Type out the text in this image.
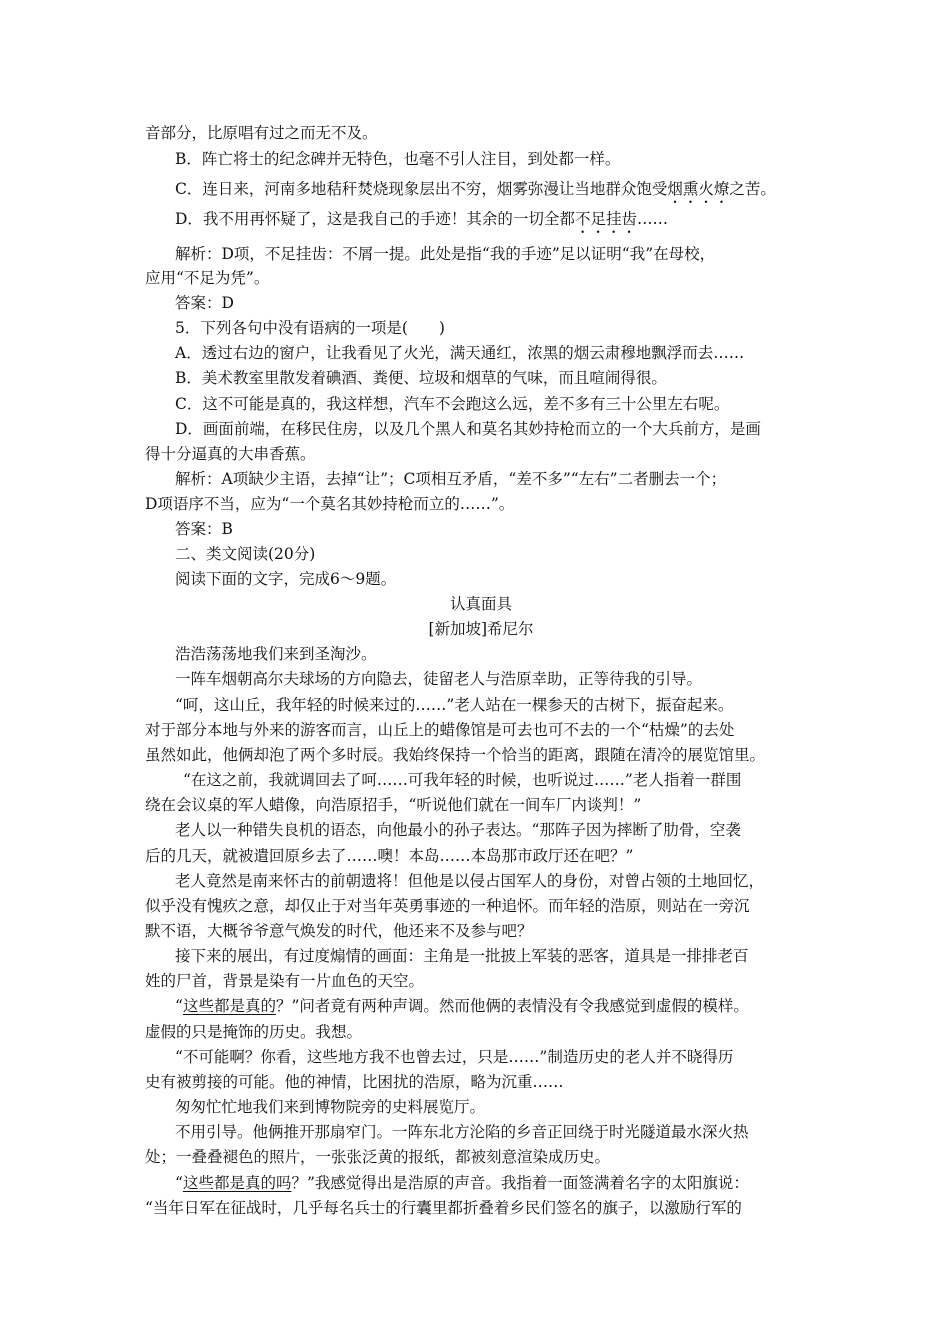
音部分，比原唱有过之而无不及。
B．阵亡将士的纪念碑并无特色，也毫不引人注目，到处都一样。
C．连日来，河南多地秸秆焚烧现象层出不穷，烟雾弥漫让当地群众饱受烟熏火燎之苦。
D．我不用再怀疑了，这是我自己的手迹！其余的一切全都不足挂齿……
解析：D项，不足挂齿：不屑一提。此处是指“我的手迹”足以证明“我”在母校，
应用“不足为凭”。
答案：D
5．下列各句中没有语病的一项是(　　)
A．透过右边的窗户，让我看见了火光，满天通红，浓黑的烟云肃穆地飘浮而去……
B．美术教室里散发着碘酒、粪便、垃圾和烟草的气味，而且喧闹得很。
C．这不可能是真的，我这样想，汽车不会跑这么远，差不多有三十公里左右呢。
D．画面前端，在移民住房，以及几个黑人和莫名其妙持枪而立的一个大兵前方，是画
得十分逼真的大串香蕉。
解析：A项缺少主语，去掉“让”；C项相互矛盾，“差不多”“左右”二者删去一个；
D项语序不当，应为“一个莫名其妙持枪而立的……”。
答案：B
二、类文阅读(20分)
阅读下面的文字，完成6～9题。
认真面具
[新加坡]希尼尔
浩浩荡荡地我们来到圣淘沙。
一阵车烟朝高尔夫球场的方向隐去，徒留老人与浩原幸助，正等待我的引导。
“呵，这山丘，我年轻的时候来过的……”老人站在一棵参天的古树下，振奋起来。
对于部分本地与外来的游客而言，山丘上的蜡像馆是可去也可不去的一个“枯燥”的去处
虽然如此，他俩却泡了两个多时辰。我始终保持一个恰当的距离，跟随在清冷的展览馆里。
“在这之前，我就调回去了呵……可我年轻的时候，也听说过……”老人指着一群围
绕在会议桌的军人蜡像，向浩原招手，“听说他们就在一间车厂内谈判！”
老人以一种错失良机的语态，向他最小的孙子表达。“那阵子因为摔断了肋骨，空袭
后的几天，就被遣回原乡去了……噢！本岛……本岛那市政厅还在吧？”
老人竟然是南来怀古的前朝遗将！但他是以侵占国军人的身份，对曾占领的土地回忆，
似乎没有愧疚之意，却仅止于对当年英勇事迹的一种追怀。而年轻的浩原，则站在一旁沉
默不语，大概爷爷意气焕发的时代，他还来不及参与吧？
接下来的展出，有过度煽情的画面：主角是一批披上军装的恶客，道具是一排排老百
姓的尸首，背景是染有一片血色的天空。
“这些都是真的？”问者竟有两种声调。然而他俩的表情没有令我感觉到虚假的模样。
虚假的只是掩饰的历史。我想。
“不可能啊？你看，这些地方我不也曾去过，只是……”制造历史的老人并不晓得历
史有被剪接的可能。他的神情，比困扰的浩原，略为沉重……
匆匆忙忙地我们来到博物院旁的史料展览厅。
不用引导。他俩推开那扇窄门。一阵东北方沦陷的乡音正回绕于时光隧道最水深火热
处；一叠叠褪色的照片，一张张泛黄的报纸，都被刻意渲染成历史。
“这些都是真的吗？”我感觉得出是浩原的声音。我指着一面签满着名字的太阳旗说：
“当年日军在征战时，几乎每名兵士的行囊里都折叠着乡民们签名的旗子，以激励行军的
